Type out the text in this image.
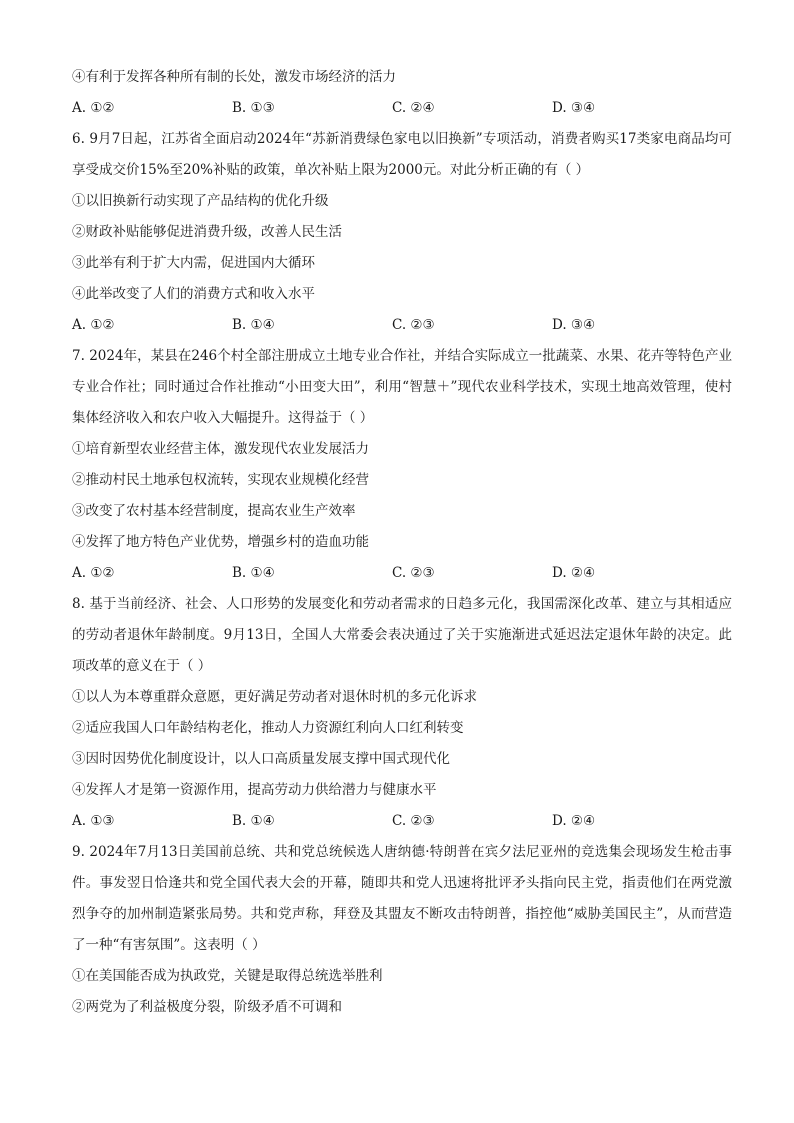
④有利于发挥各种所有制的长处，激发市场经济的活力
A. ①②	B. ①③	C. ②④	D. ③④
6. 9月7日起，江苏省全面启动2024年“苏新消费绿色家电以旧换新”专项活动，消费者购买17类家电商品均可享受成交价15%至20%补贴的政策，单次补贴上限为2000元。对此分析正确的有（ ）
①以旧换新行动实现了产品结构的优化升级
②财政补贴能够促进消费升级，改善人民生活
③此举有利于扩大内需，促进国内大循环
④此举改变了人们的消费方式和收入水平
A. ①②	B. ①④	C. ②③	D. ③④
7. 2024年，某县在246个村全部注册成立土地专业合作社，并结合实际成立一批蔬菜、水果、花卉等特色产业专业合作社；同时通过合作社推动“小田变大田”，利用“智慧＋”现代农业科学技术，实现土地高效管理，使村集体经济收入和农户收入大幅提升。这得益于（ ）
①培育新型农业经营主体，激发现代农业发展活力
②推动村民土地承包权流转，实现农业规模化经营
③改变了农村基本经营制度，提高农业生产效率
④发挥了地方特色产业优势，增强乡村的造血功能
A. ①②	B. ①④	C. ②③	D. ②④
8. 基于当前经济、社会、人口形势的发展变化和劳动者需求的日趋多元化，我国需深化改革、建立与其相适应的劳动者退休年龄制度。9月13日，全国人大常委会表决通过了关于实施渐进式延迟法定退休年龄的决定。此项改革的意义在于（ ）
①以人为本尊重群众意愿，更好满足劳动者对退休时机的多元化诉求
②适应我国人口年龄结构老化，推动人力资源红利向人口红利转变
③因时因势优化制度设计，以人口高质量发展支撑中国式现代化
④发挥人才是第一资源作用，提高劳动力供给潜力与健康水平
A. ①③	B. ①④	C. ②③	D. ②④
9. 2024年7月13日美国前总统、共和党总统候选人唐纳德·特朗普在宾夕法尼亚州的竞选集会现场发生枪击事件。事发翌日恰逢共和党全国代表大会的开幕，随即共和党人迅速将批评矛头指向民主党，指责他们在两党激烈争夺的加州制造紧张局势。共和党声称，拜登及其盟友不断攻击特朗普，指控他“威胁美国民主”，从而营造了一种“有害氛围”。这表明（ ）
①在美国能否成为执政党，关键是取得总统选举胜利
②两党为了利益极度分裂，阶级矛盾不可调和
